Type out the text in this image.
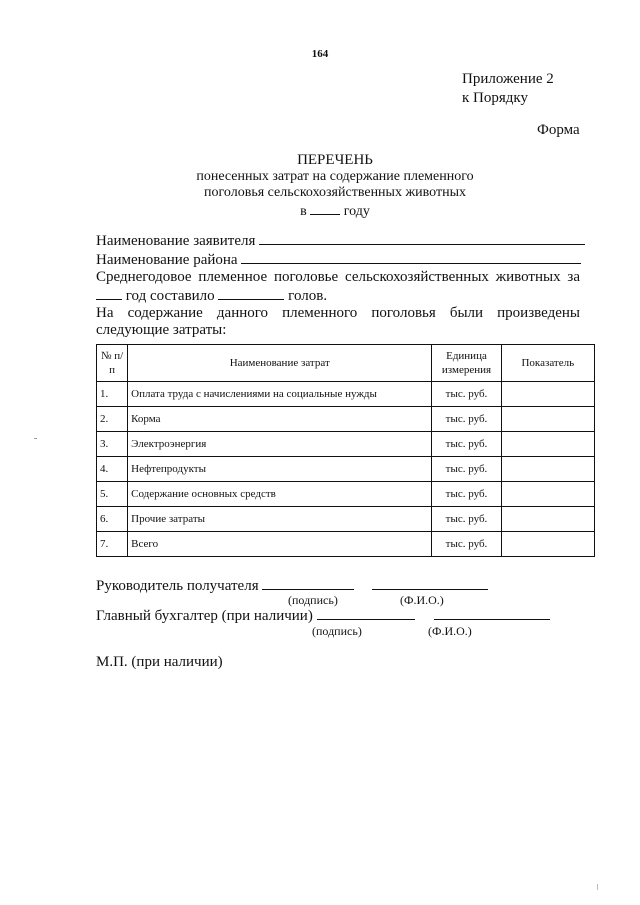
164
Приложение 2
к Порядку
Форма
ПЕРЕЧЕНЬ
понесенных затрат на содержание племенного
поголовья сельскохозяйственных животных
в	году
Наименование заявителя
Наименование района
Среднегодовое племенное поголовье сельскохозяйственных животных за
год составило	голов.
На содержание данного племенного поголовья были произведены
следующие затраты:
№ п/п	Наименование затрат	Единица измерения	Показатель
1.	Оплата труда с начислениями на социальные нужды	тыс. руб.	
2.	Корма	тыс. руб.	
3.	Электроэнергия	тыс. руб.	
4.	Нефтепродукты	тыс. руб.	
5.	Содержание основных средств	тыс. руб.	
6.	Прочие затраты	тыс. руб.	
7.	Всего	тыс. руб.	
Руководитель получателя
(подпись)	(Ф.И.О.)
Главный бухгалтер (при наличии)
(подпись)	(Ф.И.О.)
М.П. (при наличии)
